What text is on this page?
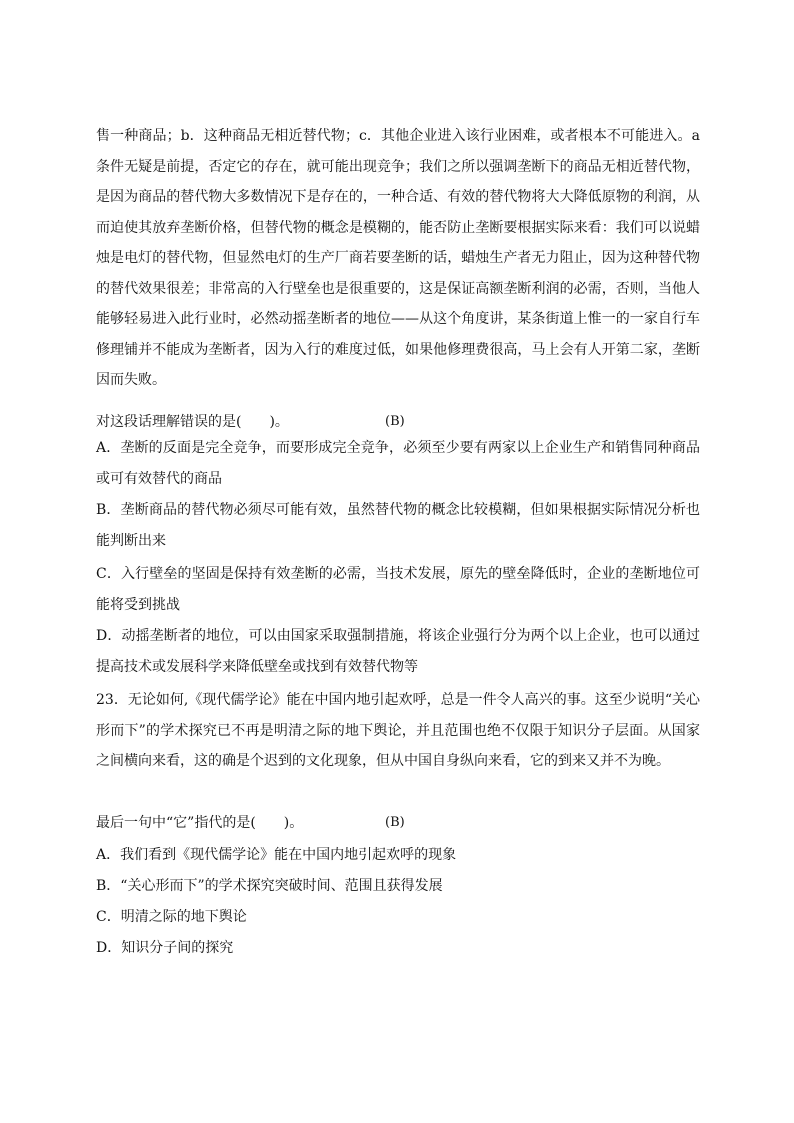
售一种商品；b．这种商品无相近替代物；c．其他企业进入该行业困难，或者根本不可能进入。a条件无疑是前提，否定它的存在，就可能出现竞争；我们之所以强调垄断下的商品无相近替代物，是因为商品的替代物大多数情况下是存在的，一种合适、有效的替代物将大大降低原物的利润，从而迫使其放弃垄断价格，但替代物的概念是模糊的，能否防止垄断要根据实际来看：我们可以说蜡烛是电灯的替代物，但显然电灯的生产厂商若要垄断的话，蜡烛生产者无力阻止，因为这种替代物的替代效果很差；非常高的入行壁垒也是很重要的，这是保证高额垄断利润的必需，否则，当他人能够轻易进入此行业时，必然动摇垄断者的地位——从这个角度讲，某条街道上惟一的一家自行车修理铺并不能成为垄断者，因为入行的难度过低，如果他修理费很高，马上会有人开第二家，垄断因而失败。
对这段话理解错误的是(　　)。	(B)
A．垄断的反面是完全竞争，而要形成完全竞争，必须至少要有两家以上企业生产和销售同种商品或可有效替代的商品
B．垄断商品的替代物必须尽可能有效，虽然替代物的概念比较模糊，但如果根据实际情况分析也能判断出来
C．入行壁垒的坚固是保持有效垄断的必需，当技术发展，原先的壁垒降低时，企业的垄断地位可能将受到挑战
D．动摇垄断者的地位，可以由国家采取强制措施，将该企业强行分为两个以上企业，也可以通过提高技术或发展科学来降低壁垒或找到有效替代物等
23．无论如何,《现代儒学论》能在中国内地引起欢呼，总是一件令人高兴的事。这至少说明“关心形而下”的学术探究已不再是明清之际的地下舆论，并且范围也绝不仅限于知识分子层面。从国家之间横向来看，这的确是个迟到的文化现象，但从中国自身纵向来看，它的到来又并不为晚。
最后一句中“它”指代的是(　　)。	(B)
A．我们看到《现代儒学论》能在中国内地引起欢呼的现象
B．“关心形而下”的学术探究突破时间、范围且获得发展
C．明清之际的地下舆论
D．知识分子间的探究
